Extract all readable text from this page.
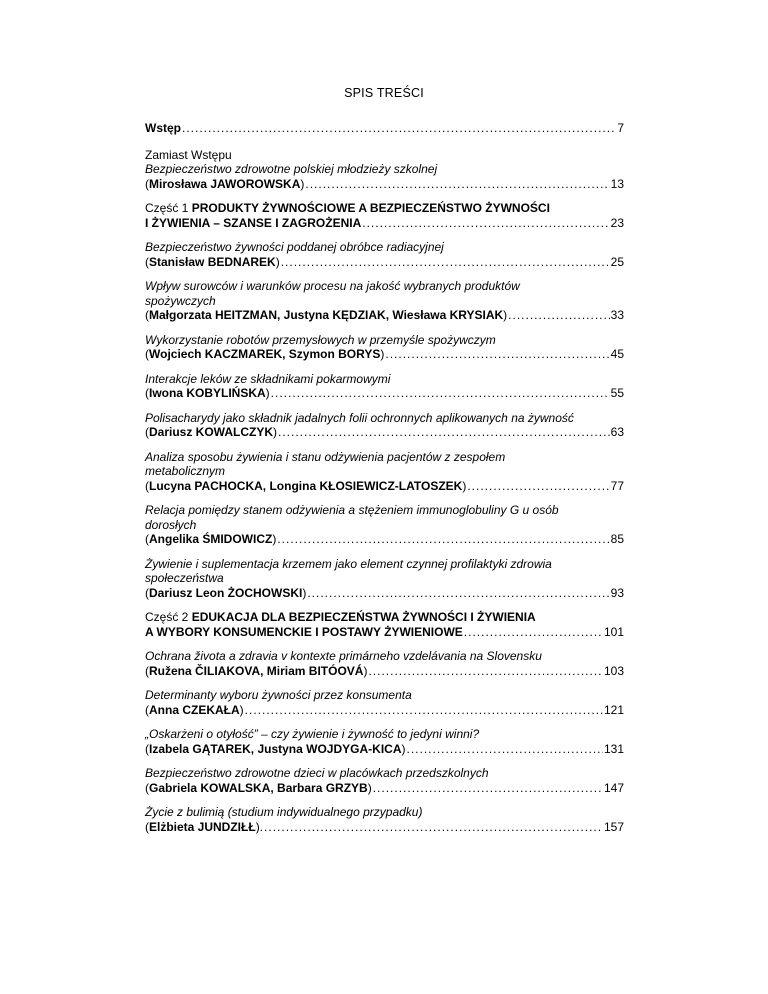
SPIS TREŚCI
Wstęp .....	7
Zamiast Wstępu
Bezpieczeństwo zdrowotne polskiej młodzieży szkolnej
(Mirosława JAWOROWSKA) .....	13
Część 1 PRODUKTY ŻYWNOŚCIOWE A BEZPIECZEŃSTWO ŻYWNOŚCI
I ŻYWIENIA – SZANSE I ZAGROŻENIA .....	23
Bezpieczeństwo żywności poddanej obróbce radiacyjnej
(Stanisław BEDNAREK) .....	25
Wpływ surowców i warunków procesu na jakość wybranych produktów
spożywczych
(Małgorzata HEITZMAN, Justyna KĘDZIAK, Wiesława KRYSIAK) .....	33
Wykorzystanie robotów przemysłowych w przemyśle spożywczym
(Wojciech KACZMAREK, Szymon BORYS) .....	45
Interakcje leków ze składnikami pokarmowymi
(Iwona KOBYLIŃSKA) .....	55
Polisacharydy jako składnik jadalnych folii ochronnych aplikowanych na żywność
(Dariusz KOWALCZYK) .....	63
Analiza sposobu żywienia i stanu odżywienia pacjentów z zespołem
metabolicznym
(Lucyna PACHOCKA, Longina KŁOSIEWICZ-LATOSZEK) .....	77
Relacja pomiędzy stanem odżywienia a stężeniem immunoglobuliny G u osób
dorosłych
(Angelika ŚMIDOWICZ) .....	85
Żywienie i suplementacja krzemem jako element czynnej profilaktyki zdrowia
społeczeństwa
(Dariusz Leon ŻOCHOWSKI) .....	93
Część 2 EDUKACJA DLA BEZPIECZEŃSTWA ŻYWNOŚCI I ŻYWIENIA
A WYBORY KONSUMENCKIE I POSTAWY ŻYWIENIOWE .....	101
Ochrana života a zdravia v kontexte primárneho vzdelávania na Slovensku
(Ružena ČILIAKOVA, Miriam BITÓOVÁ) .....	103
Determinanty wyboru żywności przez konsumenta
(Anna CZEKAŁA) .....	121
„Oskarżeni o otyłość” – czy żywienie i żywność to jedyni winni?
(Izabela GĄTAREK, Justyna WOJDYGA-KICA) .....	131
Bezpieczeństwo zdrowotne dzieci w placówkach przedszkolnych
(Gabriela KOWALSKA, Barbara GRZYB) .....	147
Życie z bulimią (studium indywidualnego przypadku)
(Elżbieta JUNDZIŁŁ). .....	157
